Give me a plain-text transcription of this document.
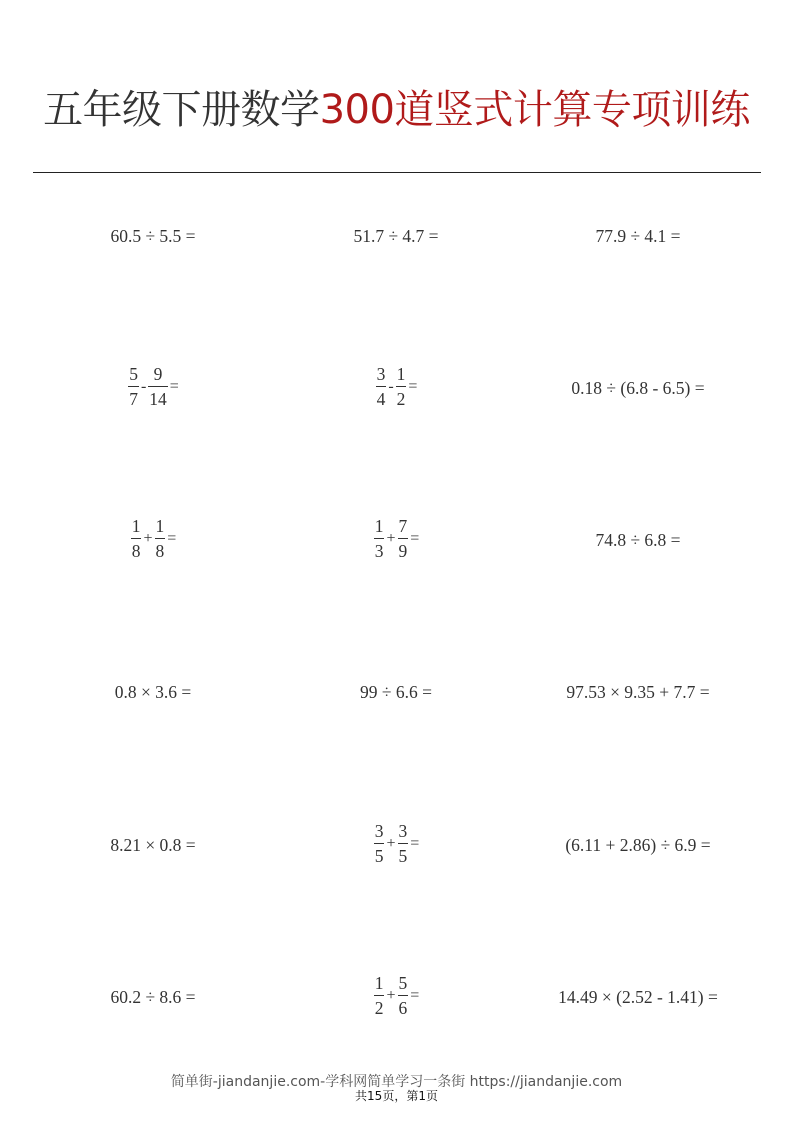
五年级下册数学300道竖式计算专项训练
60.5 ÷ 5.5 =	51.7 ÷ 4.7 =	77.9 ÷ 4.1 =
$\frac{5}{7} - \frac{9}{14}$ =	$\frac{3}{4} - \frac{1}{2}$ =	0.18 ÷ (6.8 - 6.5) =
$\frac{1}{8} + \frac{1}{8}$ =	$\frac{1}{3} + \frac{7}{9}$ =	74.8 ÷ 6.8 =
0.8 × 3.6 =	99 ÷ 6.6 =	97.53 × 9.35 + 7.7 =
8.21 × 0.8 =	$\frac{3}{5} + \frac{3}{5}$ =	(6.11 + 2.86) ÷ 6.9 =
60.2 ÷ 8.6 =	$\frac{1}{2} + \frac{5}{6}$ =	14.49 × (2.52 - 1.41) =
简单街-jiandanjie.com-学科网简单学习一条街 https://jiandanjie.com
共15页，第1页
